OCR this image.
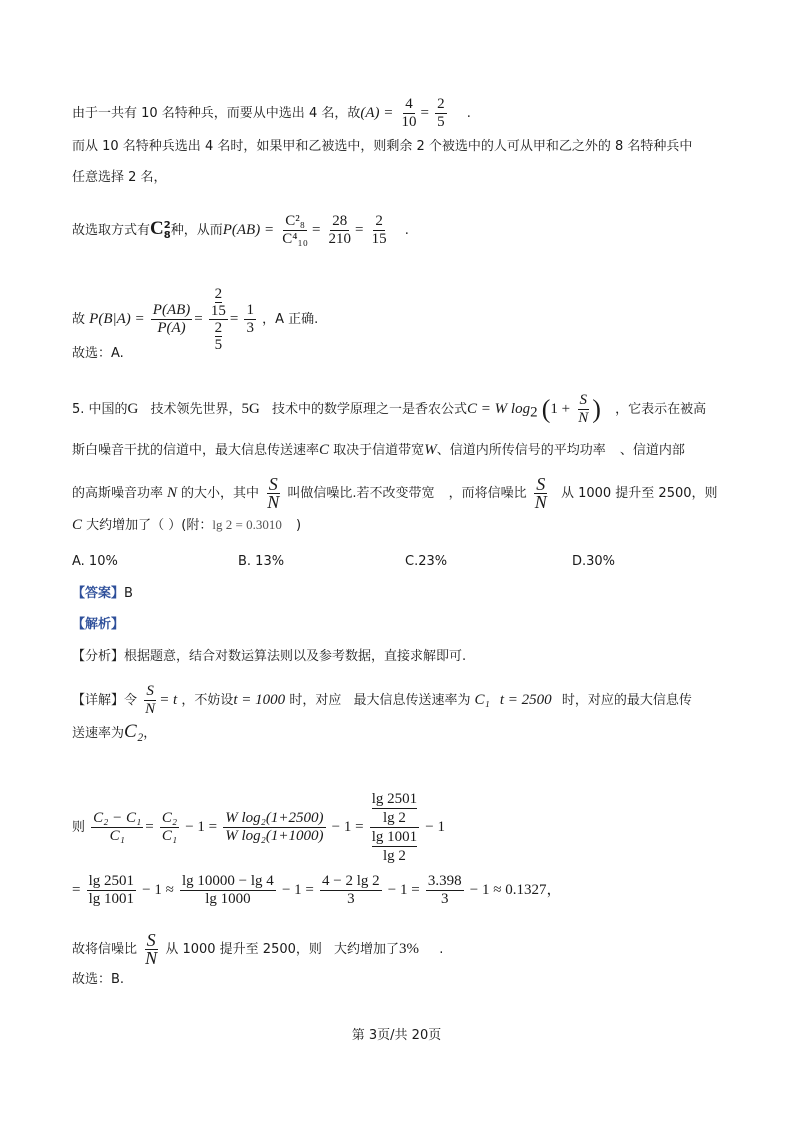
由于一共有 10 名特种兵，而要从中选出 4 名，故$(A) = \frac{4}{10} = \frac{2}{5}$ .
而从 10 名特种兵选出 4 名时，如果甲和乙被选中，则剩余 2 个被选中的人可从甲和乙之外的 8 名特种兵中
任意选择 2 名，
故选取方式有C 2
8 种，从而$P(AB) = \frac{\text{C²₈}}{\text{C⁴₁₀}} = \frac{28}{210} = \frac{2}{15}$ .
故 $P(B|A) = \frac{P(AB)}{P(A)} = \frac{\frac{2}{15}}{\frac{2}{5}} = \frac{1}{3}$ ，A 正确.
故选：A.
5. 中国的G 技术领先世界，5G 技术中的数学原理之一是香农公式C = W $\log_2 (1 + \frac{S}{N}$ ) ，它表示在被高
斯白噪音干扰的信道中，最大信息传送速率C 取决于信道带宽W、信道内所传信号的平均功率 、信道内部
的高斯噪音功率 N 的大小，其中 $\frac{S}{N}$ 叫做信噪比.若不改变带宽 ，而将信噪比 $\frac{S}{N}$ 从 1000 提升至 2500，则
C 大约增加了（ ）(附：lg 2 = 0.3010 )
A. 10%	B. 13%	C.23%	D.30%
【答案】B
【解析】
【分析】根据题意，结合对数运算法则以及参考数据，直接求解即可.
【详解】令 $\frac{S}{N} = t$ ，不妨设t = 1000 时，对应 最大信息传送速率为 C₁ t = 2500 时，对应的最大信息传
送速率为C₂，
则 $\frac{\text{C₂ − C₁}}{\text{C₁}} = \frac{\text{C₂}}{\text{C₁}} - 1 = \frac{\text{W log₂(1+2500)}}{\text{W log₂(1+1000)}} - 1 = \frac{\frac{\lg 2501}{\lg 2}}{\frac{\lg 1001}{\lg 2}} - 1$
= $\frac{\lg 2501}{\lg 1001} - 1 \approx \frac{\lg 10000 - \lg 4}{\lg 1000} - 1 = \frac{4 - 2 \lg 2}{3} - 1 = \frac{3.398}{3} - 1 \approx 0.1327$，
故将信噪比 $\frac{S}{N}$ 从 1000 提升至 2500，则 大约增加了3% .
故选：B.
第 3页/共 20页
